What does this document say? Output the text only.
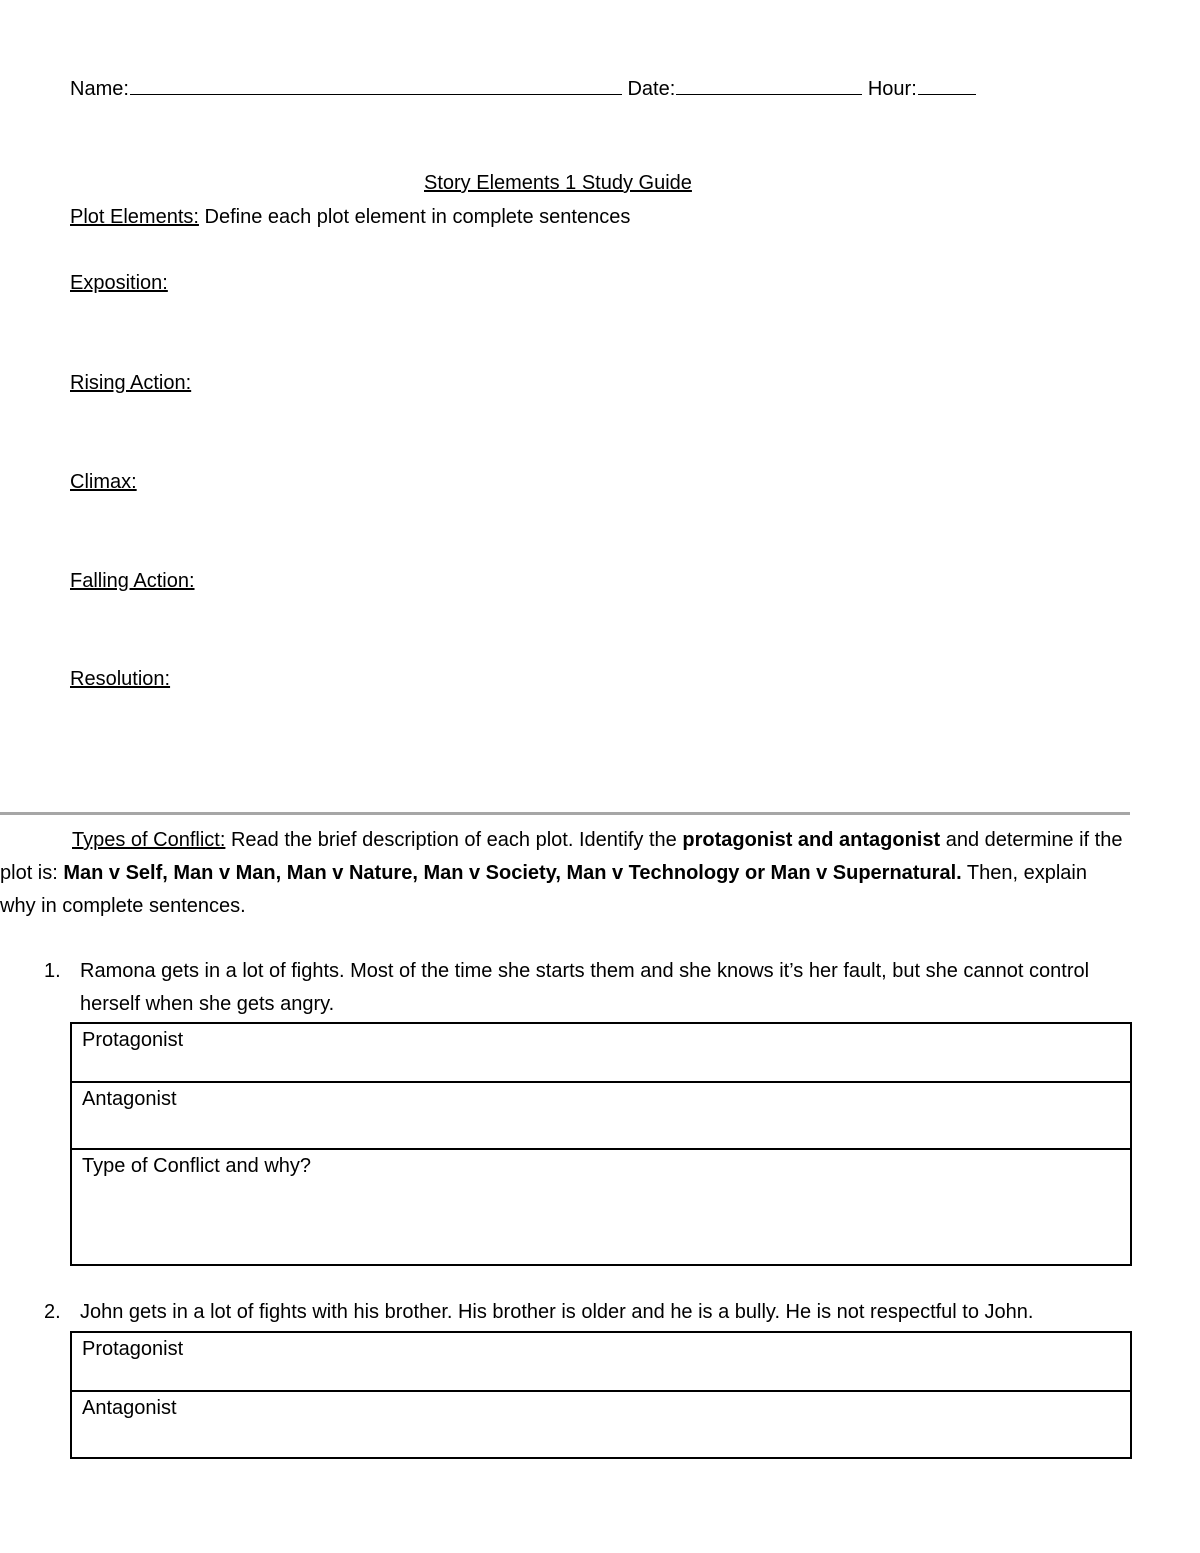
Name:	Date:	Hour:
Story Elements 1 Study Guide
Plot Elements: Define each plot element in complete sentences
Exposition:
Rising Action:
Climax:
Falling Action:
Resolution:
Types of Conflict: Read the brief description of each plot. Identify the protagonist and antagonist and determine if the plot is: Man v Self, Man v Man, Man v Nature, Man v Society, Man v Technology or Man v Supernatural. Then, explain why in complete sentences.
1. Ramona gets in a lot of fights. Most of the time she starts them and she knows it’s her fault, but she cannot control herself when she gets angry.
Protagonist
Antagonist
Type of Conflict and why?
2. John gets in a lot of fights with his brother. His brother is older and he is a bully. He is not respectful to John.
Protagonist
Antagonist
